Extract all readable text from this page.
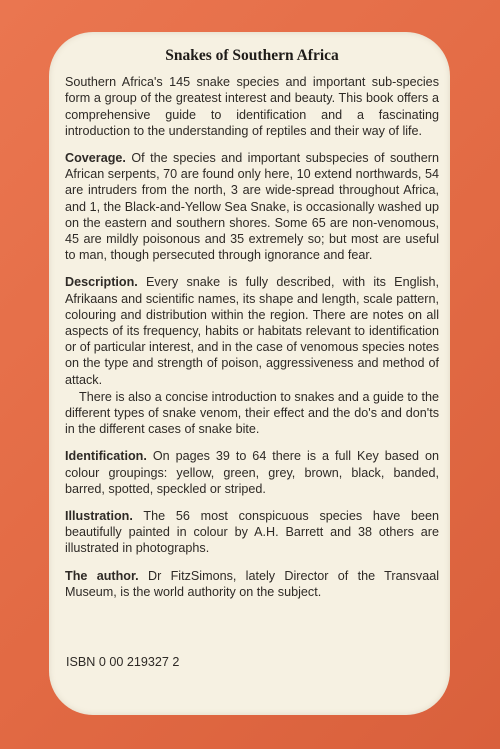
Snakes of Southern Africa

Southern Africa's 145 snake species and important sub-species form a group of the greatest interest and beauty. This book offers a comprehensive guide to identification and a fascinating introduction to the understanding of reptiles and their way of life.

Coverage. Of the species and important subspecies of southern African serpents, 70 are found only here, 10 extend northwards, 54 are intruders from the north, 3 are wide-spread throughout Africa, and 1, the Black-and-Yellow Sea Snake, is occasionally washed up on the eastern and southern shores. Some 65 are non-venomous, 45 are mildly poisonous and 35 extremely so; but most are useful to man, though persecuted through ignorance and fear.

Description. Every snake is fully described, with its English, Afrikaans and scientific names, its shape and length, scale pattern, colouring and distribution within the region. There are notes on all aspects of its frequency, habits or habitats relevant to identification or of particular interest, and in the case of venomous species notes on the type and strength of poison, aggressiveness and method of attack.

There is also a concise introduction to snakes and a guide to the different types of snake venom, their effect and the do's and don'ts in the different cases of snake bite.

Identification. On pages 39 to 64 there is a full Key based on colour groupings: yellow, green, grey, brown, black, banded, barred, spotted, speckled or striped.

Illustration. The 56 most conspicuous species have been beautifully painted in colour by A.H. Barrett and 38 others are illustrated in photographs.

The author. Dr FitzSimons, lately Director of the Transvaal Museum, is the world authority on the subject.

ISBN 0 00 219327 2
